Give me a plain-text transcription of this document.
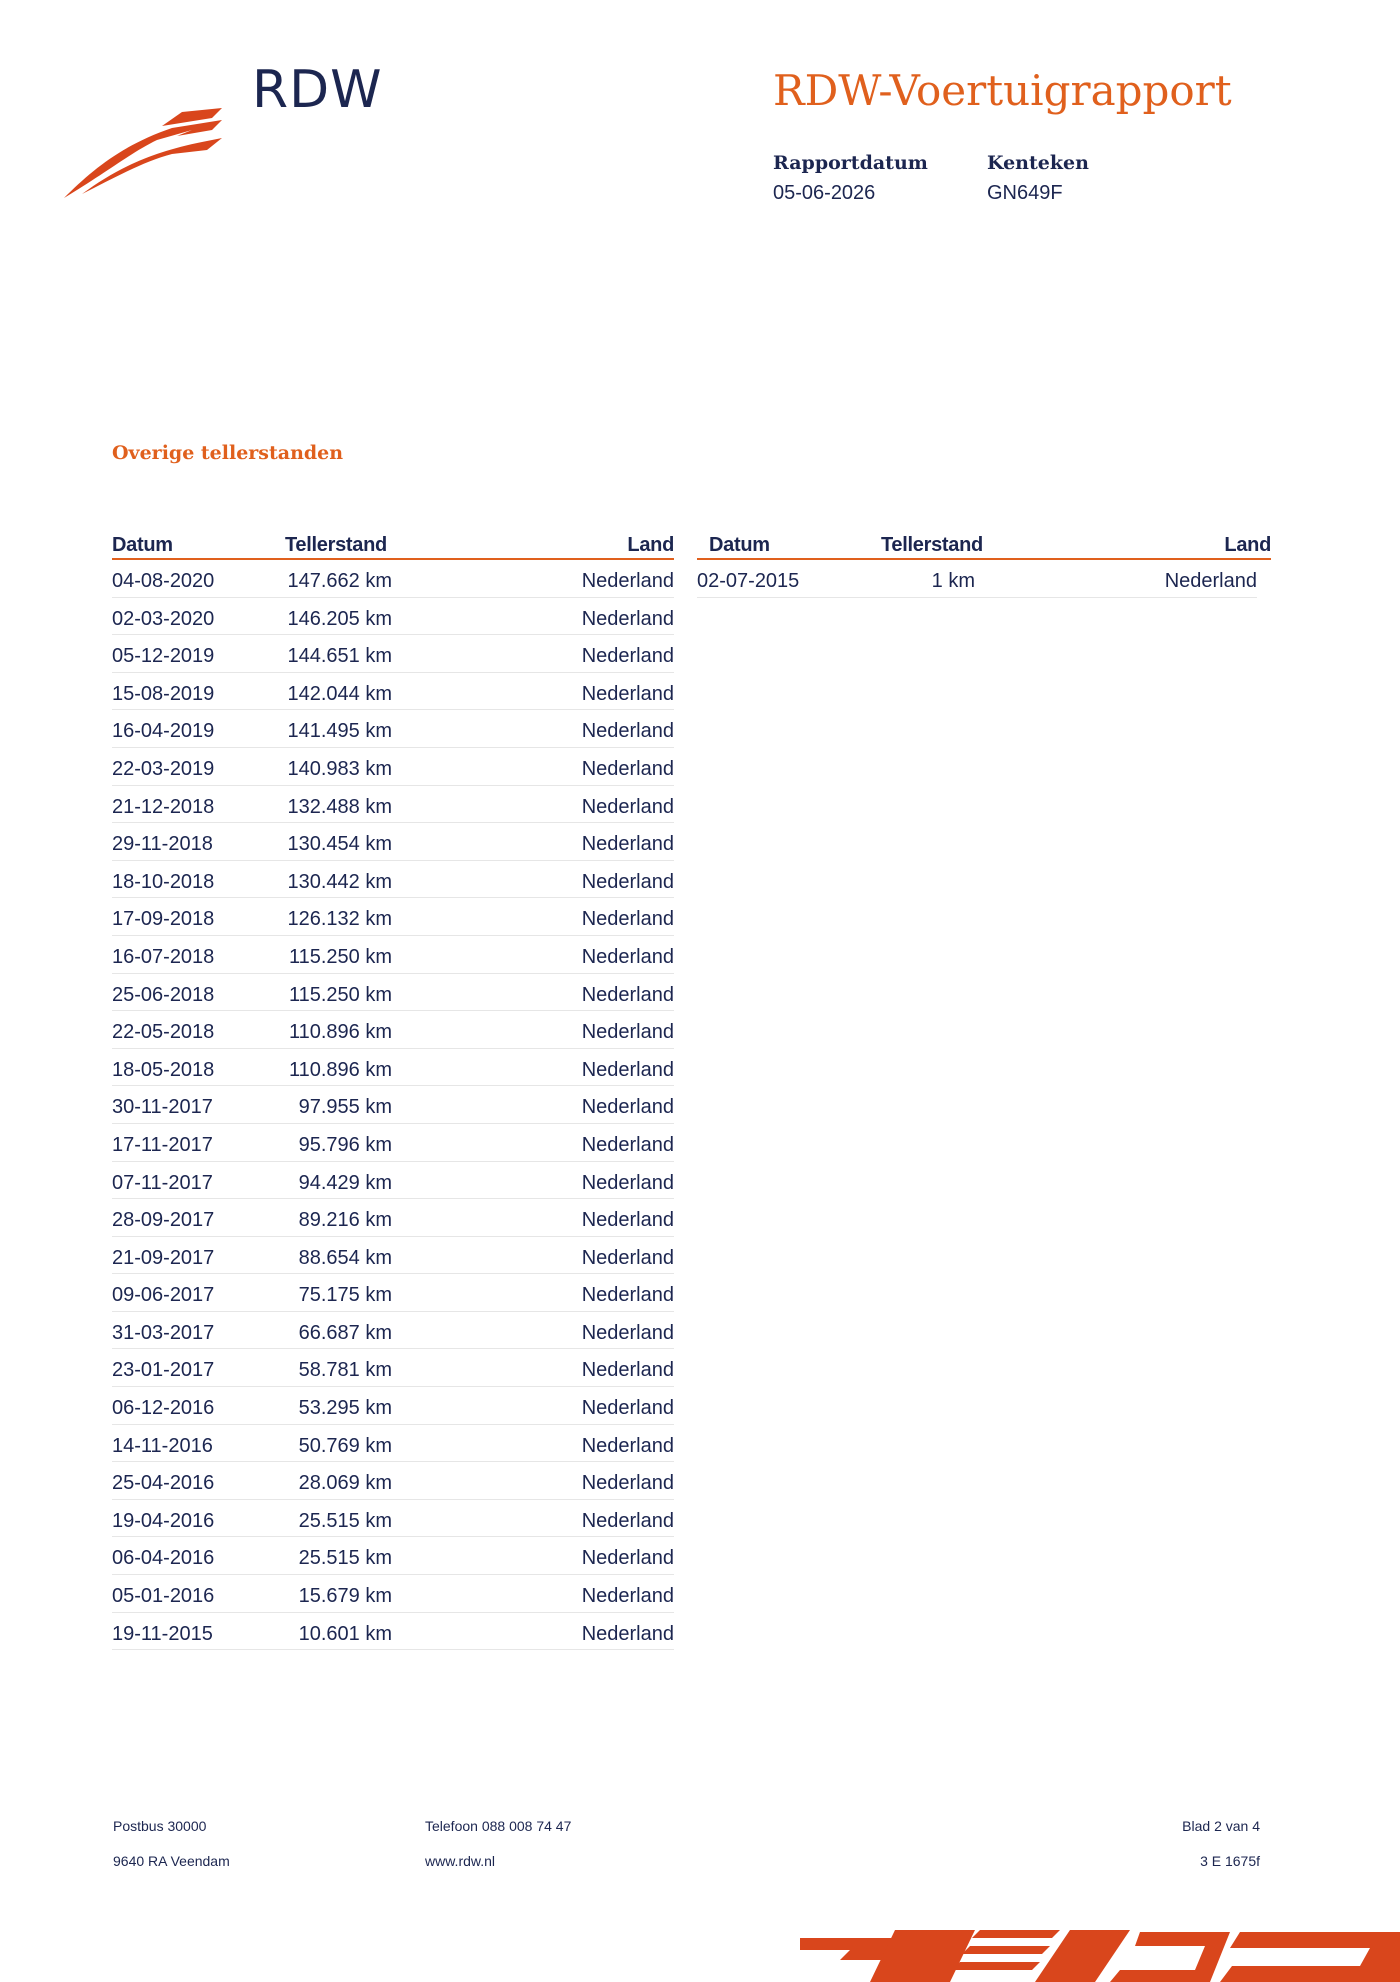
RDW	RDW-Voertuigrapport
Rapportdatum
05-06-2026
Kenteken
GN649F
Overige tellerstanden
Datum	Tellerstand	Land
04-08-2020	147.662 km	Nederland
02-03-2020	146.205 km	Nederland
05-12-2019	144.651 km	Nederland
15-08-2019	142.044 km	Nederland
16-04-2019	141.495 km	Nederland
22-03-2019	140.983 km	Nederland
21-12-2018	132.488 km	Nederland
29-11-2018	130.454 km	Nederland
18-10-2018	130.442 km	Nederland
17-09-2018	126.132 km	Nederland
16-07-2018	115.250 km	Nederland
25-06-2018	115.250 km	Nederland
22-05-2018	110.896 km	Nederland
18-05-2018	110.896 km	Nederland
30-11-2017	97.955 km	Nederland
17-11-2017	95.796 km	Nederland
07-11-2017	94.429 km	Nederland
28-09-2017	89.216 km	Nederland
21-09-2017	88.654 km	Nederland
09-06-2017	75.175 km	Nederland
31-03-2017	66.687 km	Nederland
23-01-2017	58.781 km	Nederland
06-12-2016	53.295 km	Nederland
14-11-2016	50.769 km	Nederland
25-04-2016	28.069 km	Nederland
19-04-2016	25.515 km	Nederland
06-04-2016	25.515 km	Nederland
05-01-2016	15.679 km	Nederland
19-11-2015	10.601 km	Nederland
Datum	Tellerstand	Land
02-07-2015	1 km	Nederland
Postbus 30000
9640 RA Veendam
Telefoon 088 008 74 47
www.rdw.nl
Blad 2 van 4
3 E 1675f
